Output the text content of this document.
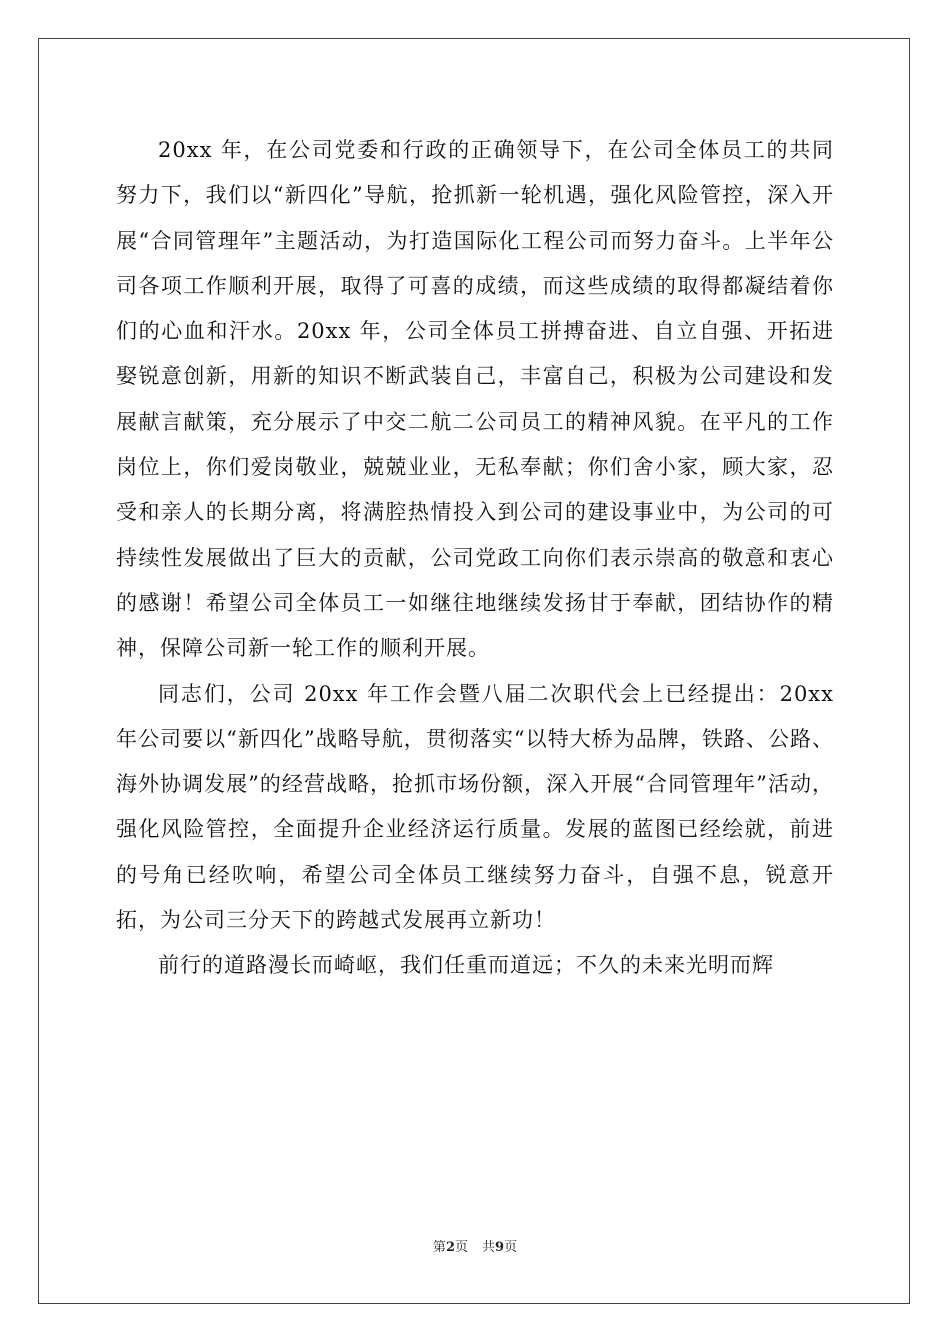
20xx 年，在公司党委和行政的正确领导下，在公司全体员工的共同努力下，我们以“新四化”导航，抢抓新一轮机遇，强化风险管控，深入开展“合同管理年”主题活动，为打造国际化工程公司而努力奋斗。上半年公司各项工作顺利开展，取得了可喜的成绩，而这些成绩的取得都凝结着你们的心血和汗水。20xx 年，公司全体员工拼搏奋进、自立自强、开拓进娶锐意创新，用新的知识不断武装自己，丰富自己，积极为公司建设和发展献言献策，充分展示了中交二航二公司员工的精神风貌。在平凡的工作岗位上，你们爱岗敬业，兢兢业业，无私奉献；你们舍小家，顾大家，忍受和亲人的长期分离，将满腔热情投入到公司的建设事业中，为公司的可持续性发展做出了巨大的贡献，公司党政工向你们表示崇高的敬意和衷心的感谢！希望公司全体员工一如继往地继续发扬甘于奉献，团结协作的精神，保障公司新一轮工作的顺利开展。

同志们，公司 20xx 年工作会暨八届二次职代会上已经提出：20xx 年公司要以“新四化”战略导航，贯彻落实“以特大桥为品牌，铁路、公路、海外协调发展”的经营战略，抢抓市场份额，深入开展“合同管理年”活动，强化风险管控，全面提升企业经济运行质量。发展的蓝图已经绘就，前进的号角已经吹响，希望公司全体员工继续努力奋斗，自强不息，锐意开拓，为公司三分天下的跨越式发展再立新功！

前行的道路漫长而崎岖，我们任重而道远；不久的未来光明而辉

第2页 共9页
